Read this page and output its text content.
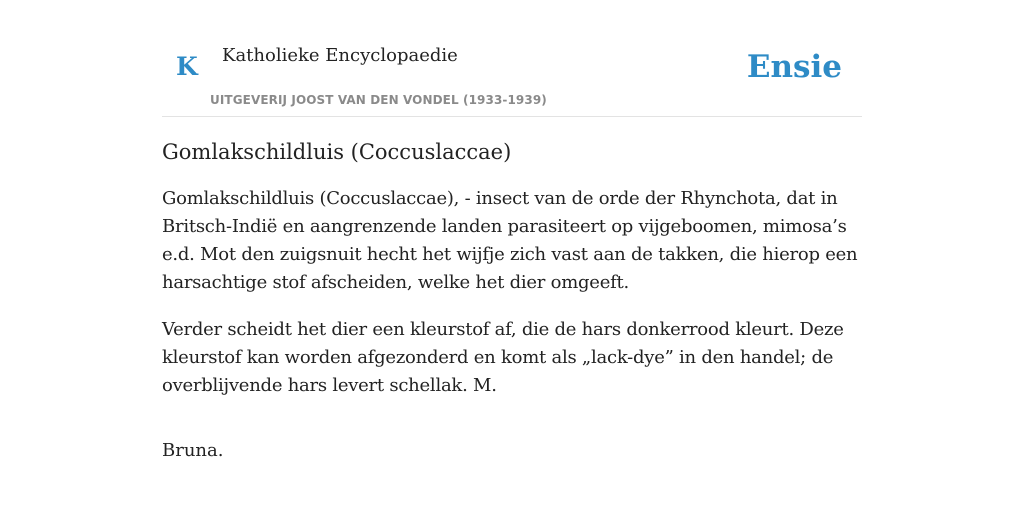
K Katholieke Encyclopaedie
UITGEVERIJ JOOST VAN DEN VONDEL (1933-1939)
Ensie
Gomlakschildluis (Coccuslaccae)

Gomlakschildluis (Coccuslaccae), - insect van de orde der Rhynchota, dat in Britsch-Indië en aangrenzende landen parasiteert op vijgeboomen, mimosa’s e.d. Mot den zuigsnuit hecht het wijfje zich vast aan de takken, die hierop een harsachtige stof afscheiden, welke het dier omgeeft.

Verder scheidt het dier een kleurstof af, die de hars donkerrood kleurt. Deze kleurstof kan worden afgezonderd en komt als „lack-dye” in den handel; de overblijvende hars levert schellak. M.

Bruna.
